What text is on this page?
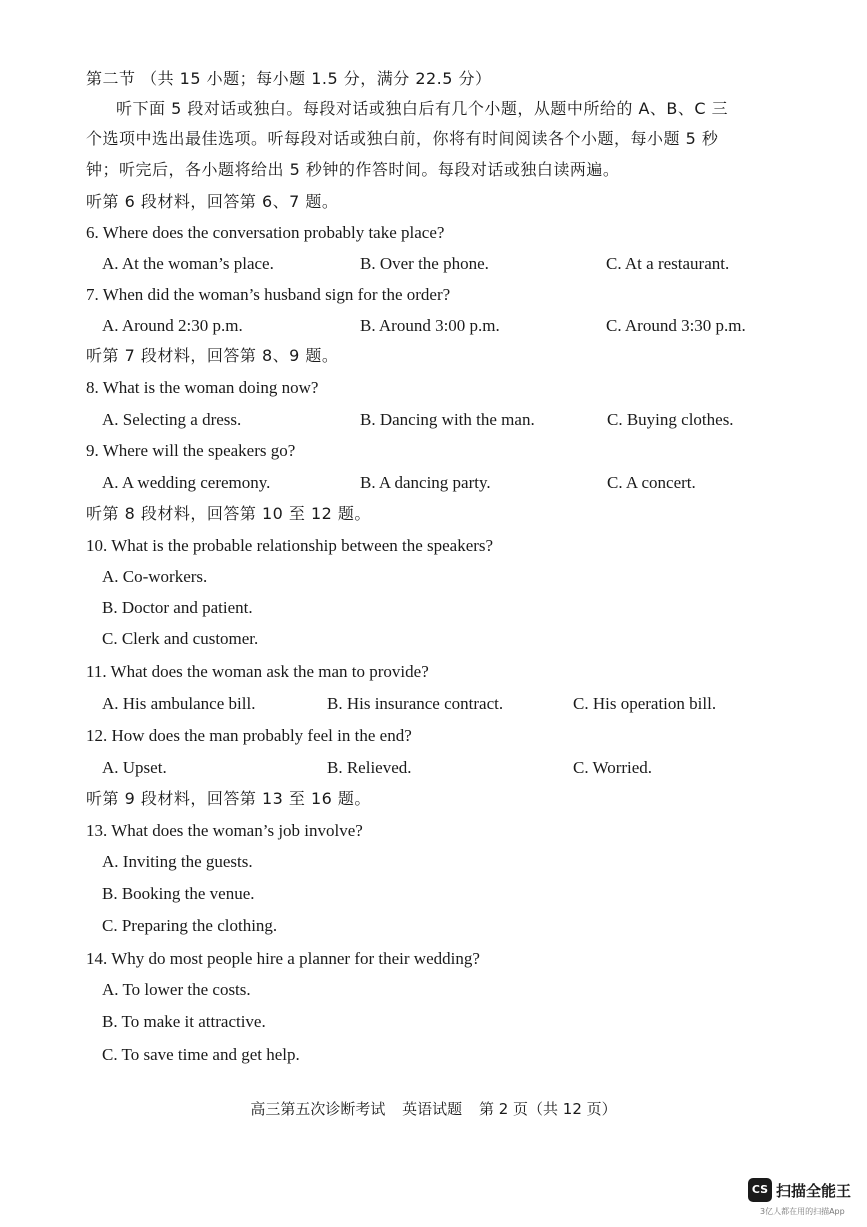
第二节 （共 15 小题；每小题 1.5 分，满分 22.5 分）
听下面 5 段对话或独白。每段对话或独白后有几个小题，从题中所给的 A、B、C 三
个选项中选出最佳选项。听每段对话或独白前，你将有时间阅读各个小题，每小题 5 秒
钟；听完后，各小题将给出 5 秒钟的作答时间。每段对话或独白读两遍。
听第 6 段材料，回答第 6、7 题。
6. Where does the conversation probably take place?
A. At the woman’s place.	B. Over the phone.	C. At a restaurant.
7. When did the woman’s husband sign for the order?
A. Around 2:30 p.m.	B. Around 3:00 p.m.	C. Around 3:30 p.m.
听第 7 段材料，回答第 8、9 题。
8. What is the woman doing now?
A. Selecting a dress.	B. Dancing with the man.	C. Buying clothes.
9. Where will the speakers go?
A. A wedding ceremony.	B. A dancing party.	C. A concert.
听第 8 段材料，回答第 10 至 12 题。
10. What is the probable relationship between the speakers?
A. Co-workers.
B. Doctor and patient.
C. Clerk and customer.
11. What does the woman ask the man to provide?
A. His ambulance bill.	B. His insurance contract.	C. His operation bill.
12. How does the man probably feel in the end?
A. Upset.	B. Relieved.	C. Worried.
听第 9 段材料，回答第 13 至 16 题。
13. What does the woman’s job involve?
A. Inviting the guests.
B. Booking the venue.
C. Preparing the clothing.
14. Why do most people hire a planner for their wedding?
A. To lower the costs.
B. To make it attractive.
C. To save time and get help.
高三第五次诊断考试 英语试题 第 2 页（共 12 页）
CS 扫描全能王
3亿人都在用的扫描App
